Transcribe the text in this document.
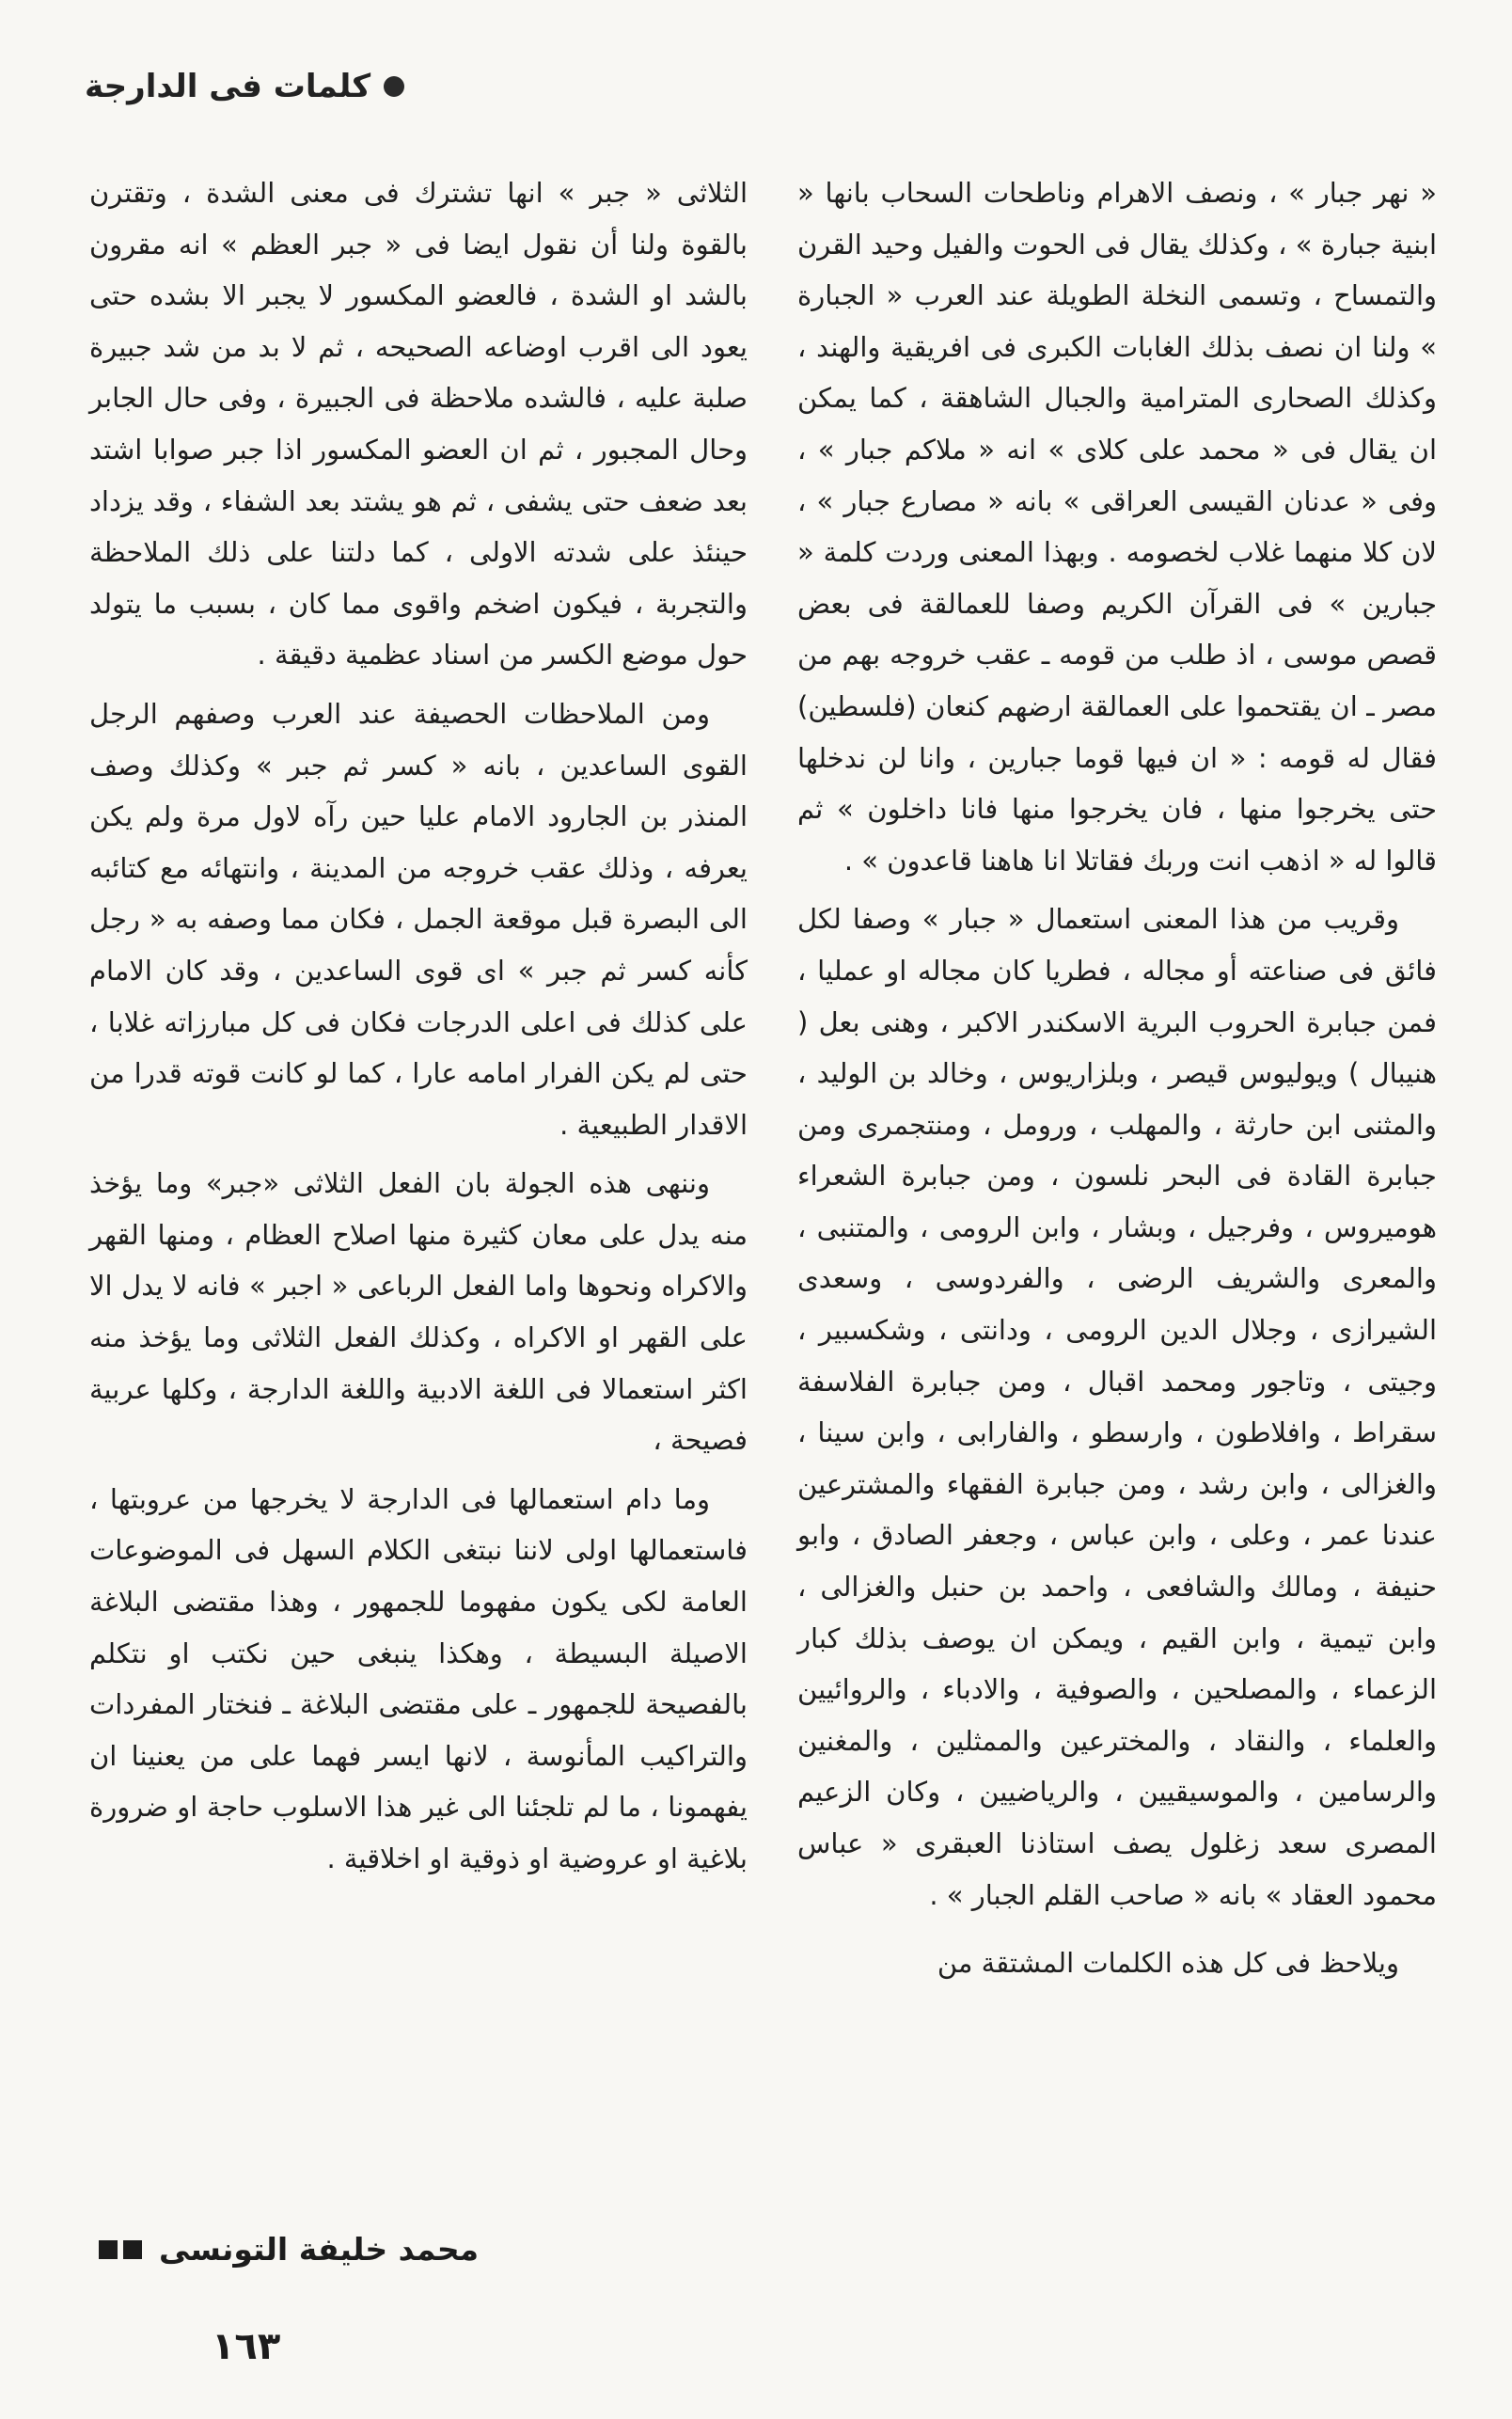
كلمات فى الدارجة

« نهر جبار » ، ونصف الاهرام وناطحات السحاب بانها « ابنية جبارة » ، وكذلك يقال فى الحوت والفيل وحيد القرن والتمساح ، وتسمى النخلة الطويلة عند العرب « الجبارة » ولنا ان نصف بذلك الغابات الكبرى فى افريقية والهند ، وكذلك الصحارى المترامية والجبال الشاهقة ، كما يمكن ان يقال فى « محمد على كلاى » انه « ملاكم جبار » ، وفى « عدنان القيسى العراقى » بانه « مصارع جبار » ، لان كلا منهما غلاب لخصومه . وبهذا المعنى وردت كلمة « جبارين » فى القرآن الكريم وصفا للعمالقة فى بعض قصص موسى ، اذ طلب من قومه ـ عقب خروجه بهم من مصر ـ ان يقتحموا على العمالقة ارضهم كنعان (فلسطين) فقال له قومه : « ان فيها قوما جبارين ، وانا لن ندخلها حتى يخرجوا منها ، فان يخرجوا منها فانا داخلون » ثم قالوا له « اذهب انت وربك فقاتلا انا هاهنا قاعدون » .

وقريب من هذا المعنى استعمال « جبار » وصفا لكل فائق فى صناعته أو مجاله ، فطريا كان مجاله او عمليا ، فمن جبابرة الحروب البرية الاسكندر الاكبر ، وهنى بعل ( هنيبال ) ويوليوس قيصر ، وبلزاريوس ، وخالد بن الوليد ، والمثنى ابن حارثة ، والمهلب ، ورومل ، ومنتجمرى ومن جبابرة القادة فى البحر نلسون ، ومن جبابرة الشعراء هوميروس ، وفرجيل ، وبشار ، وابن الرومى ، والمتنبى ، والمعرى والشريف الرضى ، والفردوسى ، وسعدى الشيرازى ، وجلال الدين الرومى ، ودانتى ، وشكسبير ، وجيتى ، وتاجور ومحمد اقبال ، ومن جبابرة الفلاسفة سقراط ، وافلاطون ، وارسطو ، والفارابى ، وابن سينا ، والغزالى ، وابن رشد ، ومن جبابرة الفقهاء والمشترعين عندنا عمر ، وعلى ، وابن عباس ، وجعفر الصادق ، وابو حنيفة ، ومالك والشافعى ، واحمد بن حنبل والغزالى ، وابن تيمية ، وابن القيم ، ويمكن ان يوصف بذلك كبار الزعماء ، والمصلحين ، والصوفية ، والادباء ، والروائيين والعلماء ، والنقاد ، والمخترعين والممثلين ، والمغنين والرسامين ، والموسيقيين ، والرياضيين ، وكان الزعيم المصرى سعد زغلول يصف استاذنا العبقرى « عباس محمود العقاد » بانه « صاحب القلم الجبار » .

ويلاحظ فى كل هذه الكلمات المشتقة من

الثلاثى « جبر » انها تشترك فى معنى الشدة ، وتقترن بالقوة ولنا أن نقول ايضا فى « جبر العظم » انه مقرون بالشد او الشدة ، فالعضو المكسور لا يجبر الا بشده حتى يعود الى اقرب اوضاعه الصحيحه ، ثم لا بد من شد جبيرة صلبة عليه ، فالشده ملاحظة فى الجبيرة ، وفى حال الجابر وحال المجبور ، ثم ان العضو المكسور اذا جبر صوابا اشتد بعد ضعف حتى يشفى ، ثم هو يشتد بعد الشفاء ، وقد يزداد حينئذ على شدته الاولى ، كما دلتنا على ذلك الملاحظة والتجربة ، فيكون اضخم واقوى مما كان ، بسبب ما يتولد حول موضع الكسر من اسناد عظمية دقيقة .

ومن الملاحظات الحصيفة عند العرب وصفهم الرجل القوى الساعدين ، بانه « كسر ثم جبر » وكذلك وصف المنذر بن الجارود الامام عليا حين رآه لاول مرة ولم يكن يعرفه ، وذلك عقب خروجه من المدينة ، وانتهائه مع كتائبه الى البصرة قبل موقعة الجمل ، فكان مما وصفه به « رجل كأنه كسر ثم جبر » اى قوى الساعدين ، وقد كان الامام على كذلك فى اعلى الدرجات فكان فى كل مبارزاته غلابا ، حتى لم يكن الفرار امامه عارا ، كما لو كانت قوته قدرا من الاقدار الطبيعية .

وننهى هذه الجولة بان الفعل الثلاثى «جبر» وما يؤخذ منه يدل على معان كثيرة منها اصلاح العظام ، ومنها القهر والاكراه ونحوها واما الفعل الرباعى « اجبر » فانه لا يدل الا على القهر او الاكراه ، وكذلك الفعل الثلاثى وما يؤخذ منه اكثر استعمالا فى اللغة الادبية واللغة الدارجة ، وكلها عربية فصيحة ،

وما دام استعمالها فى الدارجة لا يخرجها من عروبتها ، فاستعمالها اولى لاننا نبتغى الكلام السهل فى الموضوعات العامة لكى يكون مفهوما للجمهور ، وهذا مقتضى البلاغة الاصيلة البسيطة ، وهكذا ينبغى حين نكتب او نتكلم بالفصيحة للجمهور ـ على مقتضى البلاغة ـ فنختار المفردات والتراكيب المأنوسة ، لانها ايسر فهما على من يعنينا ان يفهمونا ، ما لم تلجئنا الى غير هذا الاسلوب حاجة او ضرورة بلاغية او عروضية او ذوقية او اخلاقية .

محمد خليفة التونسى
١٦٣
